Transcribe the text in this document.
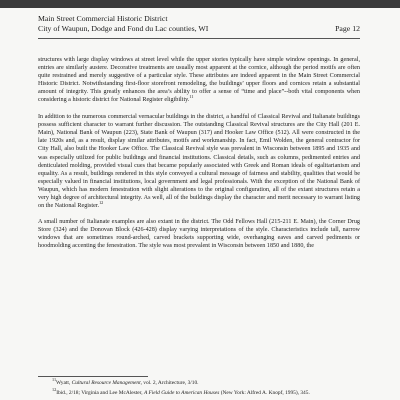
Main Street Commercial Historic District
City of Waupun, Dodge and Fond du Lac counties, WI	Page 12

structures with large display windows at street level while the upper stories typically have simple window openings. In general, entries are similarly austere. Decorative treatments are usually most apparent at the cornice, although the period motifs are often quite restrained and merely suggestive of a particular style. These attributes are indeed apparent in the Main Street Commercial Historic District. Notwithstanding first-floor storefront remodeling, the buildings’ upper floors and cornices retain a substantial amount of integrity. This greatly enhances the area’s ability to offer a sense of “time and place”--both vital components when considering a historic district for National Register eligibility.$^{11}$

In addition to the numerous commercial vernacular buildings in the district, a handful of Classical Revival and Italianate buildings possess sufficient character to warrant further discussion. The outstanding Classical Revival structures are the City Hall (201 E. Main), National Bank of Waupun (223), State Bank of Waupun (317) and Hooker Law Office (512). All were constructed in the late 1920s and, as a result, display similar attributes, motifs and workmanship. In fact, Emil Wolden, the general contractor for City Hall, also built the Hooker Law Office. The Classical Revival style was prevalent in Wisconsin between 1895 and 1935 and was especially utilized for public buildings and financial institutions. Classical details, such as columns, pedimented entries and denticulated molding, provided visual cues that became popularly associated with Greek and Roman ideals of egalitarianism and equality. As a result, buildings rendered in this style conveyed a cultural message of fairness and stability, qualities that would be especially valued in financial institutions, local government and legal professionals. With the exception of the National Bank of Waupun, which has modern fenestration with slight alterations to the original configuration, all of the extant structures retain a very high degree of architectural integrity. As well, all of the buildings display the character and merit necessary to warrant listing on the National Register.$^{12}$

A small number of Italianate examples are also extant in the district. The Odd Fellows Hall (215-211 E. Main), the Corner Drug Store (324) and the Donovan Block (426-428) display varying interpretations of the style. Characteristics include tall, narrow windows that are sometimes round-arched, carved brackets supporting wide, overhanging eaves and carved pediments or hoodmolding accenting the fenestration. The style was most prevalent in Wisconsin between 1850 and 1880, the

$^{11}$Wyatt, Cultural Resource Management, vol. 2, Architecture, 3/10.

$^{12}$Ibid., 2/18; Virginia and Lee McAlester, A Field Guide to American Houses (New York: Alfred A. Knopf, 1995), 345.
